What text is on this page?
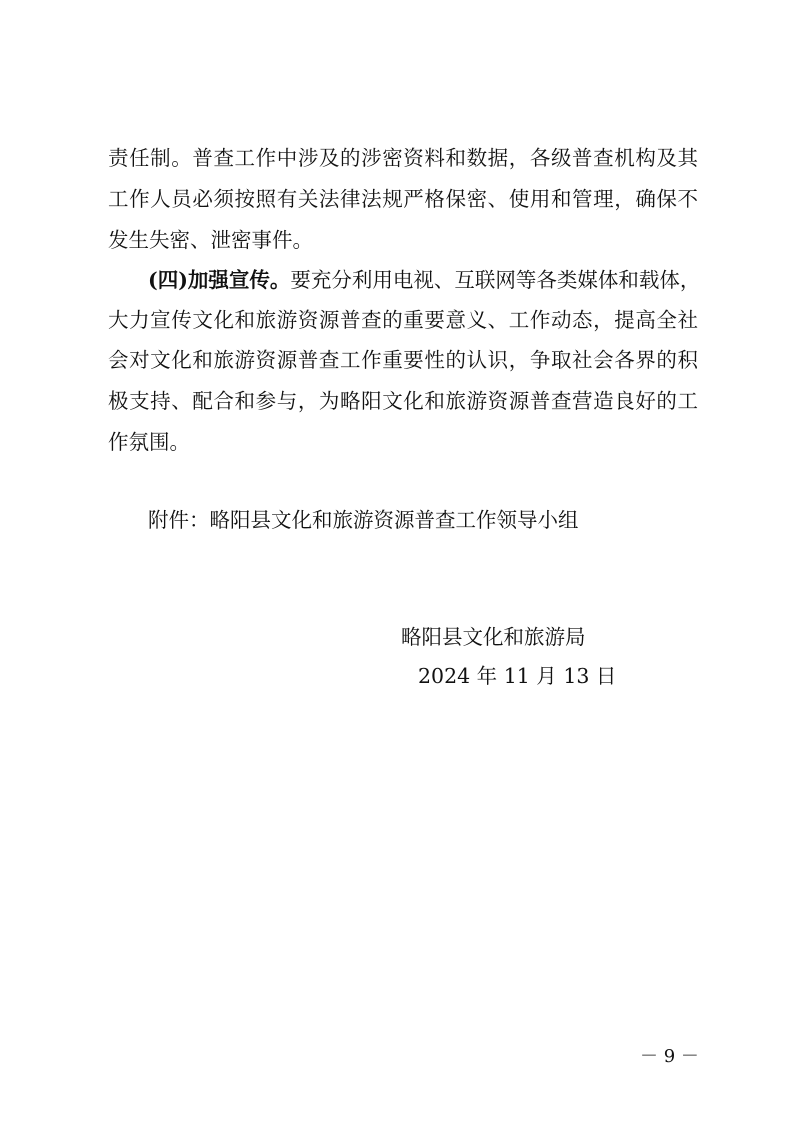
责任制。普查工作中涉及的涉密资料和数据，各级普查机构及其
工作人员必须按照有关法律法规严格保密、使用和管理，确保不
发生失密、泄密事件。
(四)加强宣传。要充分利用电视、互联网等各类媒体和载体，
大力宣传文化和旅游资源普查的重要意义、工作动态，提高全社
会对文化和旅游资源普查工作重要性的认识，争取社会各界的积
极支持、配合和参与，为略阳文化和旅游资源普查营造良好的工
作氛围。
附件：略阳县文化和旅游资源普查工作领导小组
略阳县文化和旅游局
2024 年 11 月 13 日
－ 9 －
